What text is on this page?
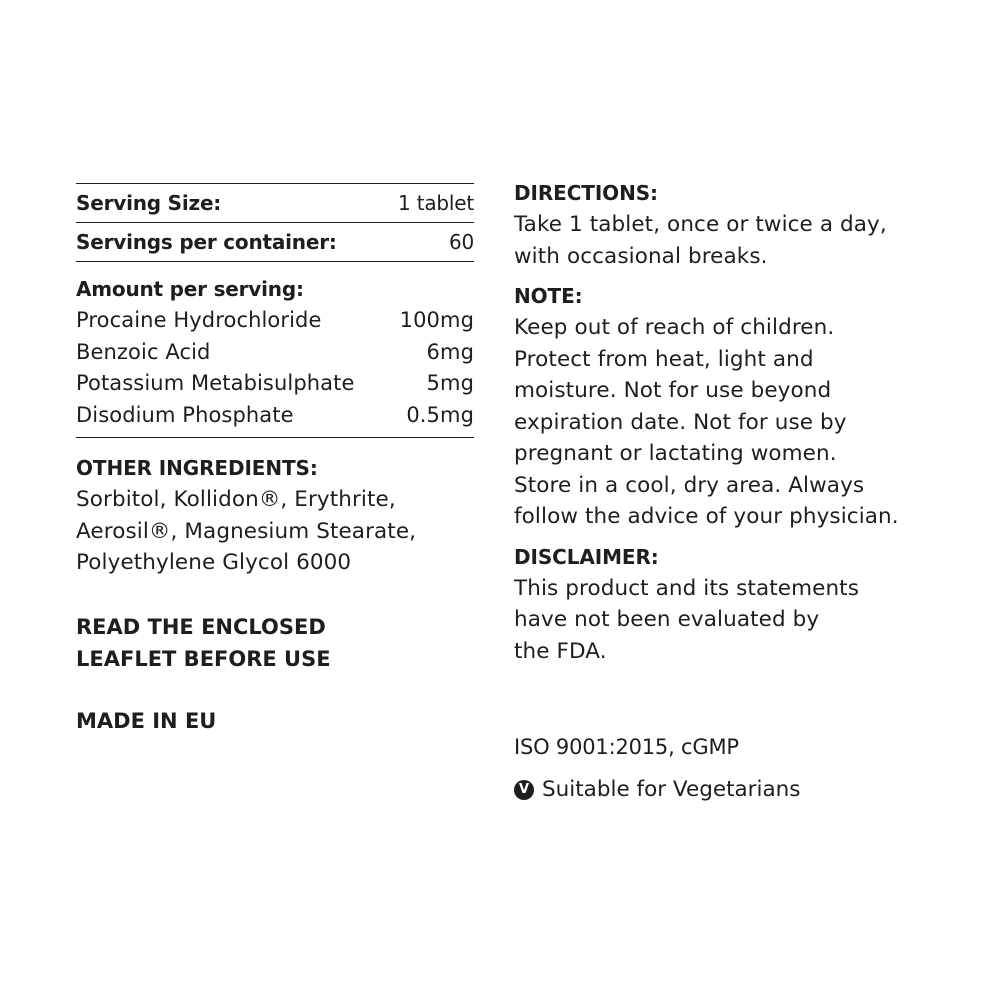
Serving Size:	1 tablet
Servings per container:	60
Amount per serving:
Procaine Hydrochloride	100mg
Benzoic Acid	6mg
Potassium Metabisulphate	5mg
Disodium Phosphate	0.5mg
OTHER INGREDIENTS:
Sorbitol, Kollidon®, Erythrite,
Aerosil®, Magnesium Stearate,
Polyethylene Glycol 6000
READ THE ENCLOSED
LEAFLET BEFORE USE
MADE IN EU
DIRECTIONS:
Take 1 tablet, once or twice a day,
with occasional breaks.
NOTE:
Keep out of reach of children.
Protect from heat, light and
moisture. Not for use beyond
expiration date. Not for use by
pregnant or lactating women.
Store in a cool, dry area. Always
follow the advice of your physician.
DISCLAIMER:
This product and its statements
have not been evaluated by
the FDA.
ISO 9001:2015, cGMP
V Suitable for Vegetarians
